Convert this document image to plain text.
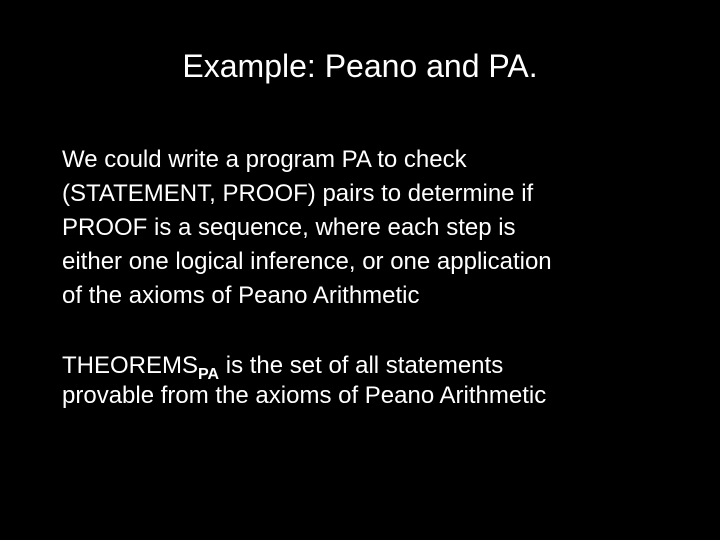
Example: Peano and PA.
We could write a program PA to check
(STATEMENT, PROOF) pairs to determine if
PROOF is a sequence, where each step is
either one logical inference, or one application
of the axioms of Peano Arithmetic
$THEOREMS_{PA}$ is the set of all statements
provable from the axioms of Peano Arithmetic
